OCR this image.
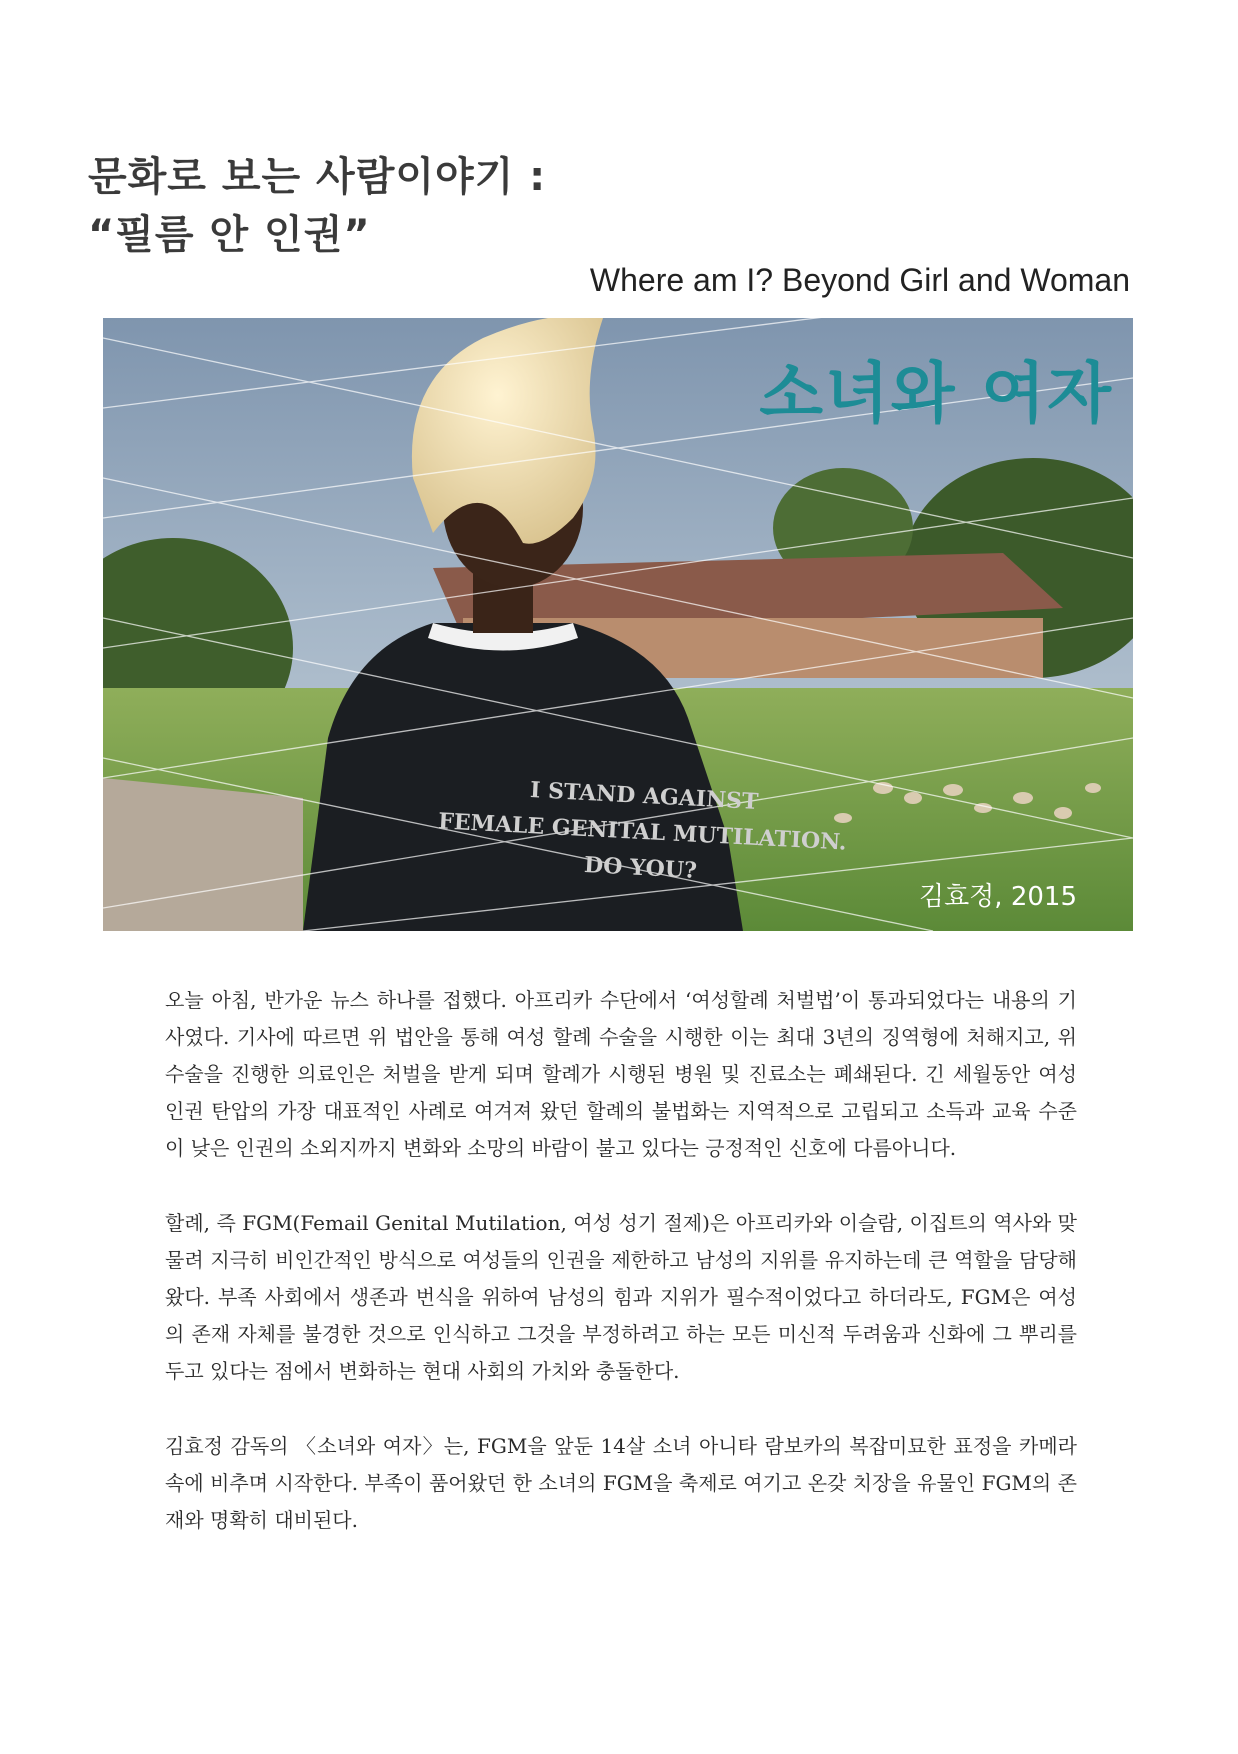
문화로 보는 사람이야기 :
“필름 안 인권”
Where am I? Beyond Girl and Woman
소녀와 여자
I STAND AGAINST
FEMALE GENITAL MUTILATION.
DO YOU?
김효정, 2015

오늘 아침, 반가운 뉴스 하나를 접했다. 아프리카 수단에서 ‘여성할례 처벌법’이 통과되었다는 내용의 기사였다. 기사에 따르면 위 법안을 통해 여성 할례 수술을 시행한 이는 최대 3년의 징역형에 처해지고, 위 수술을 진행한 의료인은 처벌을 받게 되며 할례가 시행된 병원 및 진료소는 폐쇄된다. 긴 세월동안 여성 인권 탄압의 가장 대표적인 사례로 여겨져 왔던 할례의 불법화는 지역적으로 고립되고 소득과 교육 수준이 낮은 인권의 소외지까지 변화와 소망의 바람이 불고 있다는 긍정적인 신호에 다름아니다.

할례, 즉 FGM(Femail Genital Mutilation, 여성 성기 절제)은 아프리카와 이슬람, 이집트의 역사와 맞물려 지극히 비인간적인 방식으로 여성들의 인권을 제한하고 남성의 지위를 유지하는데 큰 역할을 담당해 왔다. 부족 사회에서 생존과 번식을 위하여 남성의 힘과 지위가 필수적이었다고 하더라도, FGM은 여성의 존재 자체를 불경한 것으로 인식하고 그것을 부정하려고 하는 모든 미신적 두려움과 신화에 그 뿌리를 두고 있다는 점에서 변화하는 현대 사회의 가치와 충돌한다.

김효정 감독의 〈소녀와 여자〉는, FGM을 앞둔 14살 소녀 아니타 람보카의 복잡미묘한 표정을 카메라 속에 비추며 시작한다. 부족이 품어왔던 한 소녀의 FGM을 축제로 여기고 온갖 치장을 유물인 FGM의 존재와 명확히 대비된다.
